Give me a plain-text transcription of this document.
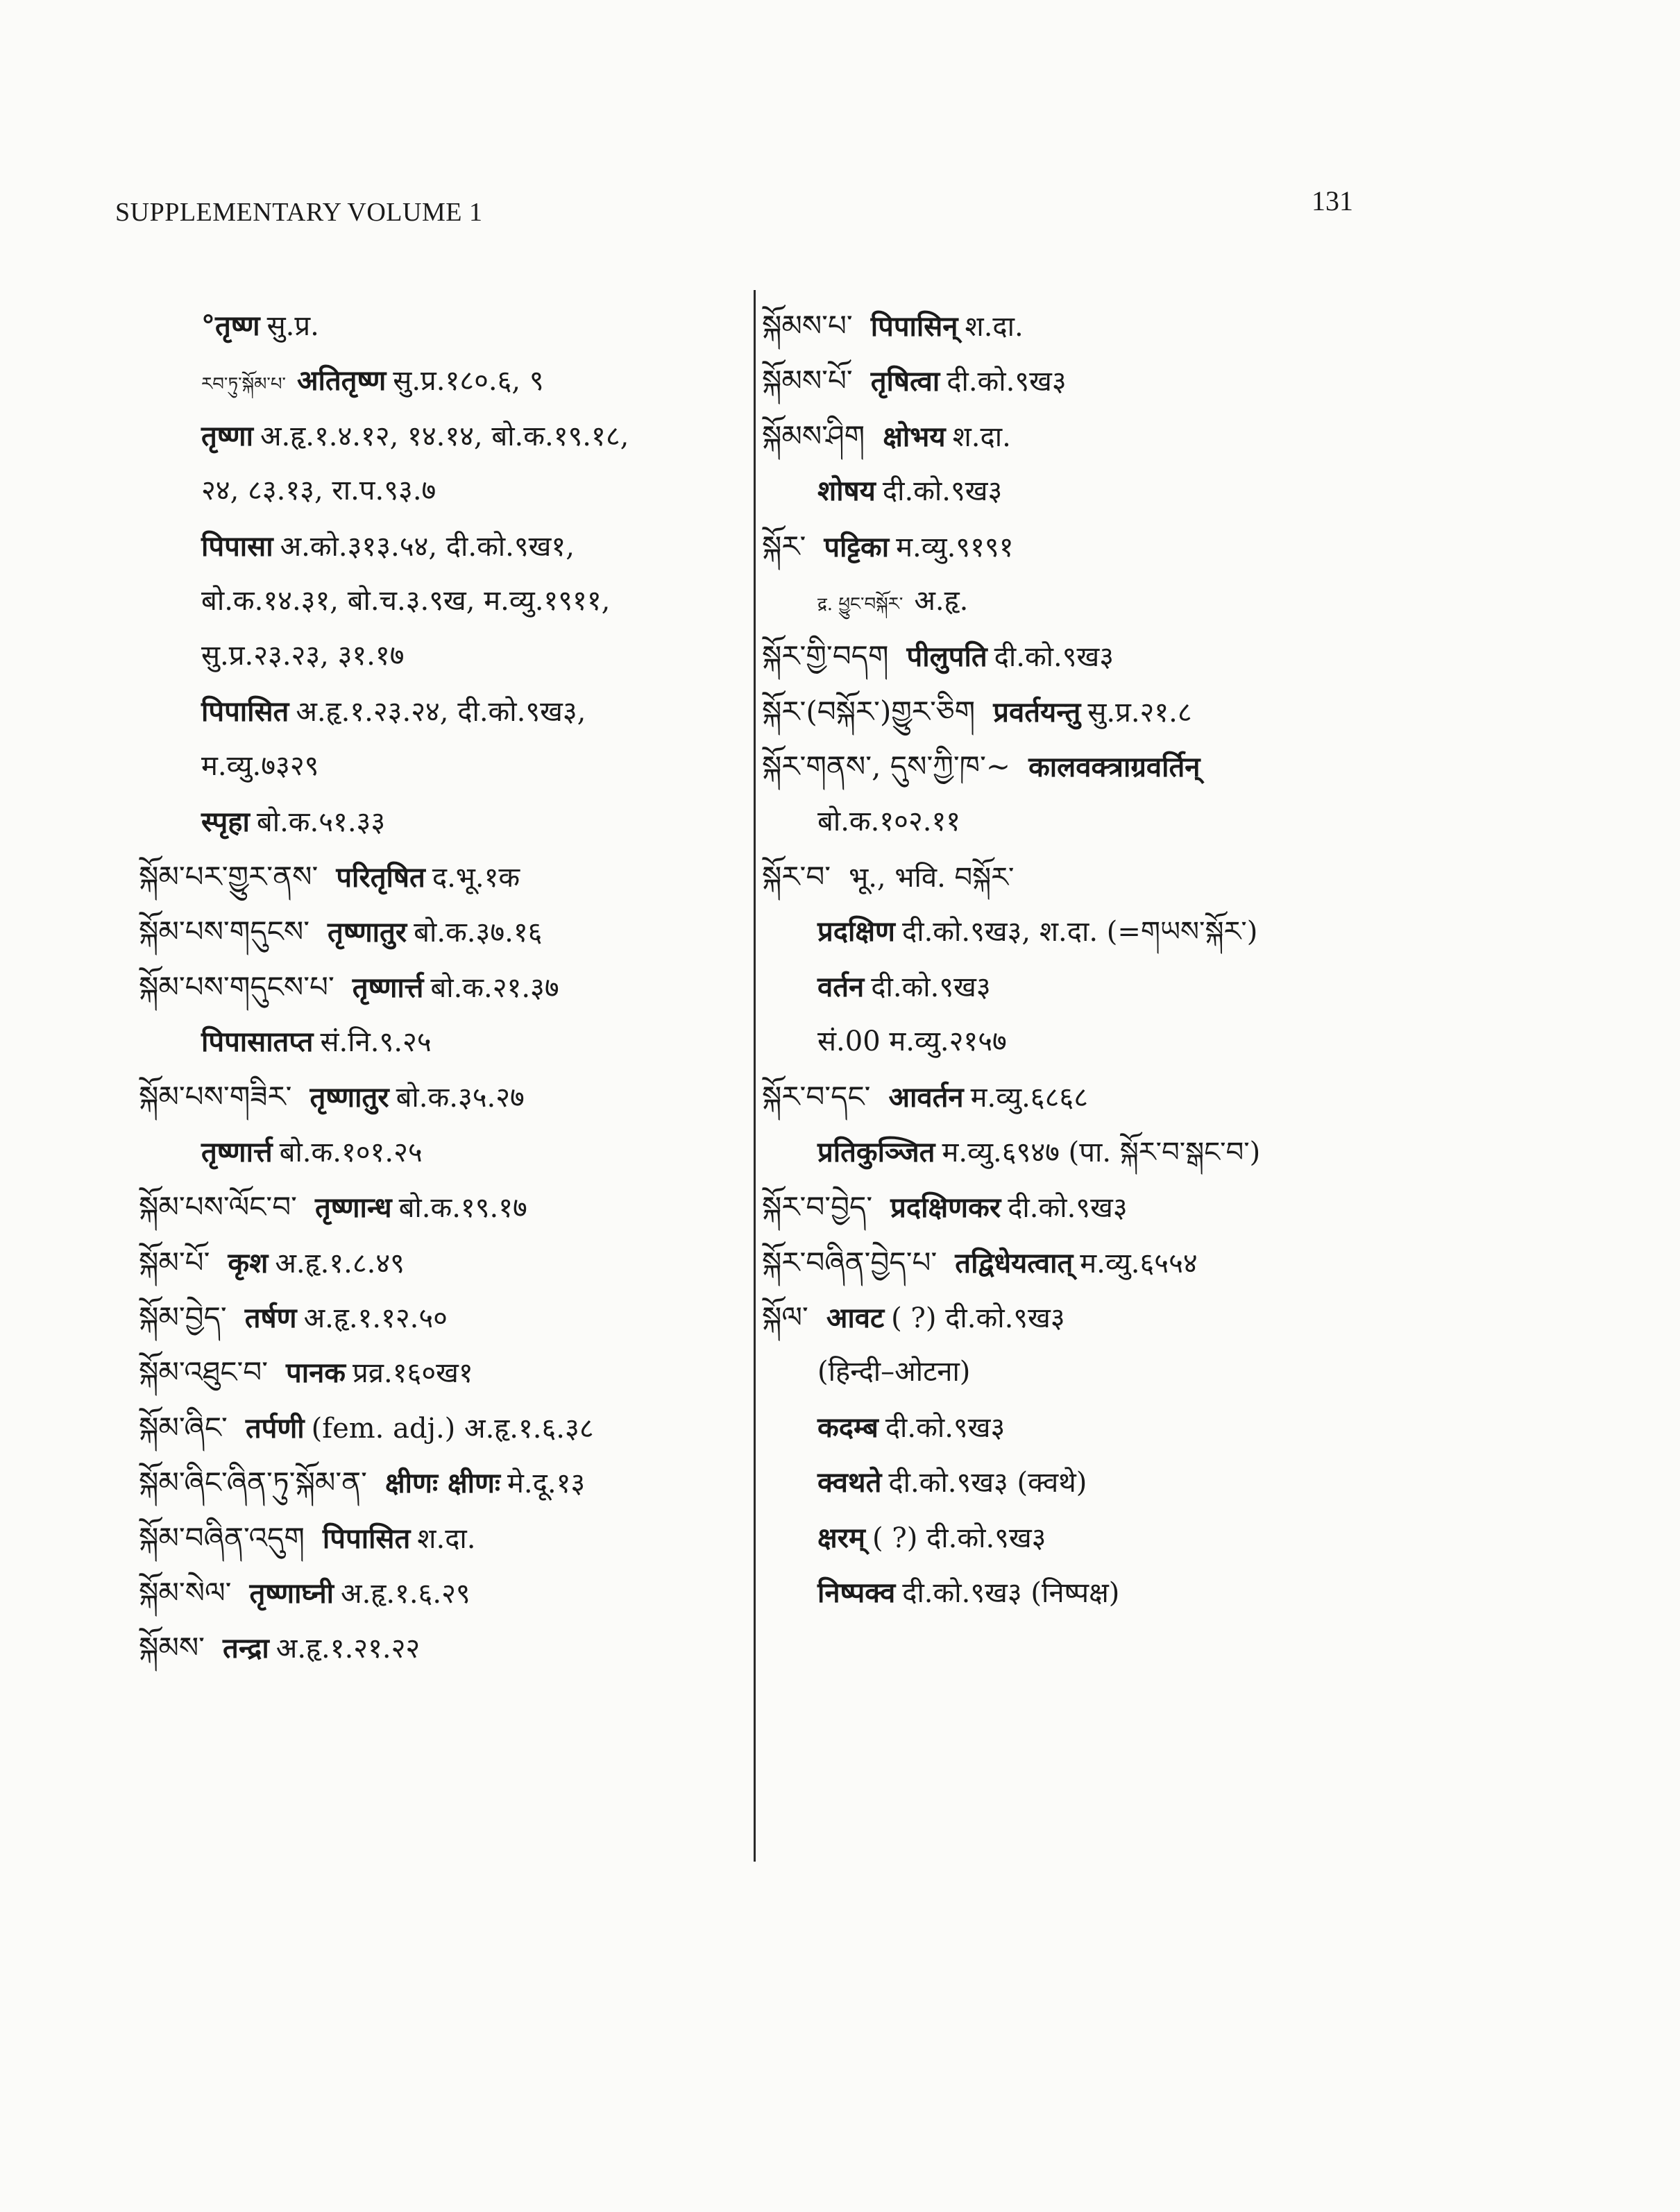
SUPPLEMENTARY VOLUME 1	131
°तृष्ण सु.प्र.
རབ་ཏུ་སྐོམ་པ་ अतितृष्ण सु.प्र.१८०.६, ९
तृष्णा अ.हृ.१.४.१२, १४.१४, बो.क.१९.१८,
२४, ८३.१३, रा.प.९३.७
पिपासा अ.को.३१३.५४, दी.को.९ख१,
बो.क.१४.३१, बो.च.३.९ख, म.व्यु.१९११,
सु.प्र.२३.२३, ३१.१७
पिपासित अ.हृ.१.२३.२४, दी.को.९ख३,
म.व्यु.७३२९
स्पृहा बो.क.५१.३३
སྐོམ་པར་གྱུར་ནས་ परितृषित द.भू.१क
སྐོམ་པས་གདུངས་ तृष्णातुर बो.क.३७.१६
སྐོམ་པས་གདུངས་པ་ तृष्णार्त्त बो.क.२१.३७
पिपासातप्त सं.नि.९.२५
སྐོམ་པས་གཟིར་ तृष्णातुर बो.क.३५.२७
तृष्णार्त्त बो.क.१०१.२५
སྐོམ་པས་ལོང་བ་ तृष्णान्ध बो.क.१९.१७
སྐོམ་པོ་ कृश अ.हृ.१.८.४९
སྐོམ་བྱེད་ तर्षण अ.हृ.१.१२.५०
སྐོམ་འཐུང་བ་ पानक प्रव्र.१६०ख१
སྐོམ་ཞིང་ तर्पणी (fem. adj.) अ.हृ.१.६.३८
སྐོམ་ཞིང་ཞིན་ཏུ་སྐོམ་ན་ क्षीणः क्षीणः मे.दू.१३
སྐོམ་བཞིན་འདུག पिपासित श.दा.
སྐོམ་སེལ་ तृष्णाघ्नी अ.हृ.१.६.२९
སྐོམས་ तन्द्रा अ.हृ.१.२१.२२
སྐོམས་པ་ पिपासिन् श.दा.
སྐོམས་པོ་ तृषित्वा दी.को.९ख३
སྐོམས་ཤིག क्षोभय श.दा.
शोषय दी.को.९ख३
སྐོར་ पट्टिका म.व्यु.९१९१
द्र. ཕྱུང་བསྐོར་ अ.हृ.
སྐོར་གྱི་བདག पीलुपति दी.को.९ख३
སྐོར་(བསྐོར་)གྱུར་ཅིག प्रवर्तयन्तु सु.प्र.२१.८
སྐོར་གནས་, དུས་ཀྱི་ཁ་~ कालवक्त्राग्रवर्तिन्
बो.क.१०२.११
སྐོར་བ་ भू., भवि. བསྐོར་
प्रदक्षिण दी.को.९ख३, श.दा. (=གཡས་སྐོར་)
वर्तन दी.को.९ख३
सं.00 म.व्यु.२१५७
སྐོར་བ་དང་ आवर्तन म.व्यु.६८६८
प्रतिकुञ्जित म.व्यु.६९४७ (पा. སྐོར་བ་སྒང་བ་)
སྐོར་བ་བྱེད་ प्रदक्षिणकर दी.को.९ख३
སྐོར་བཞིན་བྱེད་པ་ तद्विधेयत्वात् म.व्यु.६५५४
སྐོལ་ आवट ( ?) दी.को.९ख३
(हिन्दी–ओटना)
कदम्ब दी.को.९ख३
क्वथते दी.को.९ख३ (क्वथे)
क्षरम् ( ?) दी.को.९ख३
निष्पक्व दी.को.९ख३ (निष्पक्ष)
